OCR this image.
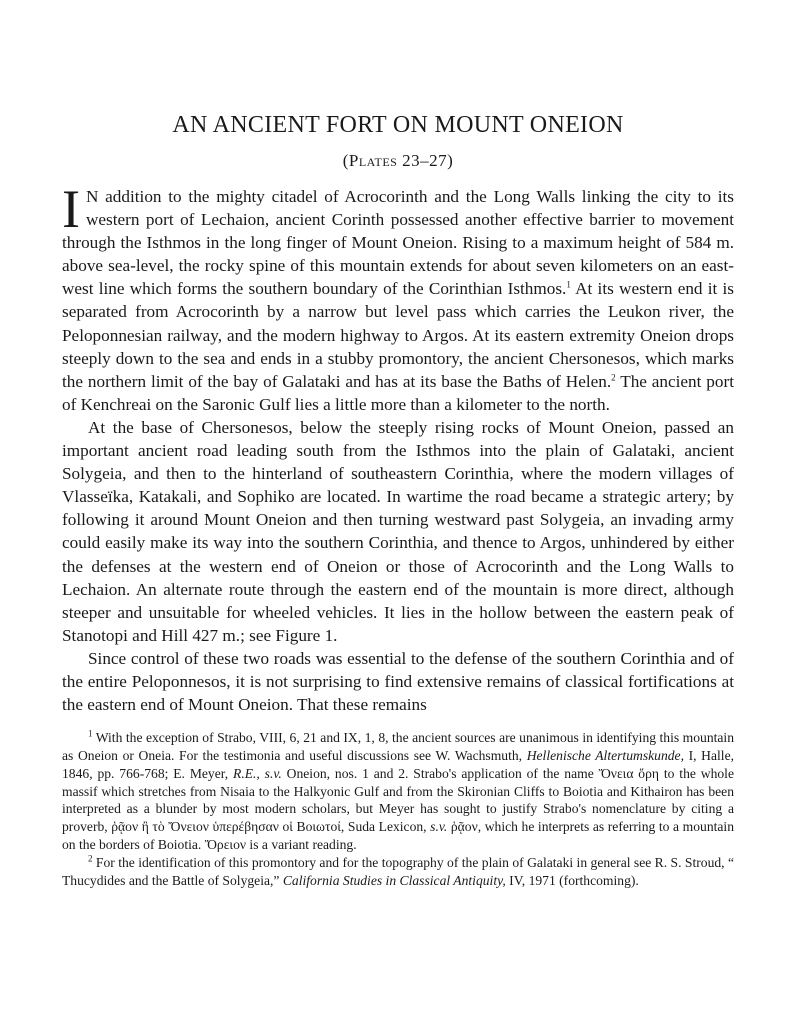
AN ANCIENT FORT ON MOUNT ONEION
(Plates 23–27)

I N addition to the mighty citadel of Acrocorinth and the Long Walls linking the city to its western port of Lechaion, ancient Corinth possessed another effective barrier to movement through the Isthmos in the long finger of Mount Oneion. Rising to a maximum height of 584 m. above sea-level, the rocky spine of this mountain extends for about seven kilometers on an east-west line which forms the southern boundary of the Corinthian Isthmos.$^1$ At its western end it is separated from Acrocorinth by a narrow but level pass which carries the Leukon river, the Peloponnesian railway, and the modern highway to Argos. At its eastern extremity Oneion drops steeply down to the sea and ends in a stubby promontory, the ancient Chersonesos, which marks the northern limit of the bay of Galataki and has at its base the Baths of Helen.$^2$ The ancient port of Kenchreai on the Saronic Gulf lies a little more than a kilometer to the north.

At the base of Chersonesos, below the steeply rising rocks of Mount Oneion, passed an important ancient road leading south from the Isthmos into the plain of Galataki, ancient Solygeia, and then to the hinterland of southeastern Corinthia, where the modern villages of Vlasseïka, Katakali, and Sophiko are located. In wartime the road became a strategic artery; by following it around Mount Oneion and then turning westward past Solygeia, an invading army could easily make its way into the southern Corinthia, and thence to Argos, unhindered by either the defenses at the western end of Oneion or those of Acrocorinth and the Long Walls to Lechaion. An alternate route through the eastern end of the mountain is more direct, although steeper and unsuitable for wheeled vehicles. It lies in the hollow between the eastern peak of Stanotopi and Hill 427 m.; see Figure 1.

Since control of these two roads was essential to the defense of the southern Corinthia and of the entire Peloponnesos, it is not surprising to find extensive remains of classical fortifications at the eastern end of Mount Oneion. That these remains

$^1$ With the exception of Strabo, VIII, 6, 21 and IX, 1, 8, the ancient sources are unanimous in identifying this mountain as Oneion or Oneia. For the testimonia and useful discussions see W. Wachsmuth, Hellenische Altertumskunde, I, Halle, 1846, pp. 766-768; E. Meyer, R.E., s.v. Oneion, nos. 1 and 2. Strabo's application of the name Ὄνεια ὄρη to the whole massif which stretches from Nisaia to the Halkyonic Gulf and from the Skironian Cliffs to Boiotia and Kithairon has been interpreted as a blunder by most modern scholars, but Meyer has sought to justify Strabo's nomenclature by citing a proverb, ῥᾷον ἢ τὸ Ὄνειον ὑπερέβησαν οἱ Βοιωτοί, Suda Lexicon, s.v. ῥᾷον, which he interprets as referring to a mountain on the borders of Boiotia. Ὄρειον is a variant reading.

$^2$ For the identification of this promontory and for the topography of the plain of Galataki in general see R. S. Stroud, “ Thucydides and the Battle of Solygeia,” California Studies in Classical Antiquity, IV, 1971 (forthcoming).
